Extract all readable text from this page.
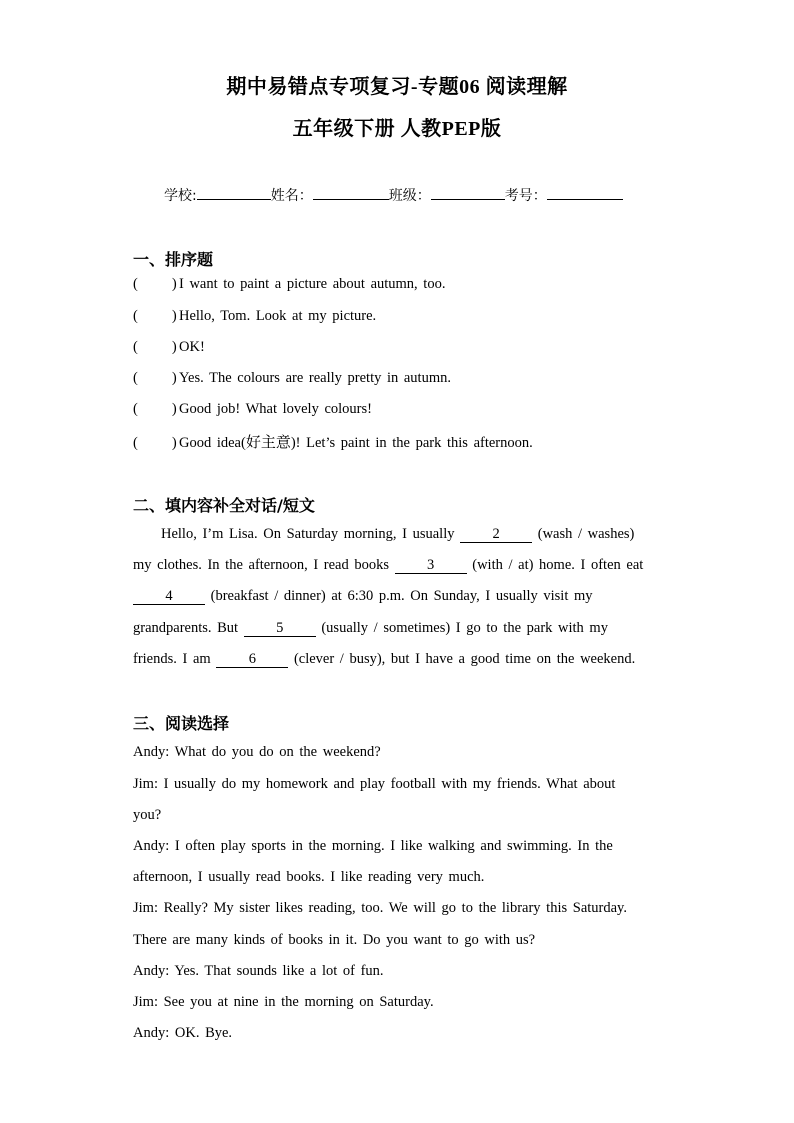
期中易错点专项复习-专题06 阅读理解
五年级下册 人教PEP版
学校:	姓名：	班级：	考号：
一、排序题
( ) I want to paint a picture about autumn, too.
( ) Hello, Tom. Look at my picture.
( ) OK!
( ) Yes. The colours are really pretty in autumn.
( ) Good job! What lovely colours!
( ) Good idea(好主意)! Let’s paint in the park this afternoon.
二、填内容补全对话/短文
Hello, I’m Lisa. On Saturday morning, I usually	2	(wash / washes)
my clothes. In the afternoon, I read books	3	(with / at) home. I often eat
4	(breakfast / dinner) at 6:30 p.m. On Sunday, I usually visit my
grandparents. But	5	(usually / sometimes) I go to the park with my
friends. I am	6	(clever / busy), but I have a good time on the weekend.
三、阅读选择
Andy: What do you do on the weekend?
Jim: I usually do my homework and play football with my friends. What about
you?
Andy: I often play sports in the morning. I like walking and swimming. In the
afternoon, I usually read books. I like reading very much.
Jim: Really? My sister likes reading, too. We will go to the library this Saturday.
There are many kinds of books in it. Do you want to go with us?
Andy: Yes. That sounds like a lot of fun.
Jim: See you at nine in the morning on Saturday.
Andy: OK. Bye.
